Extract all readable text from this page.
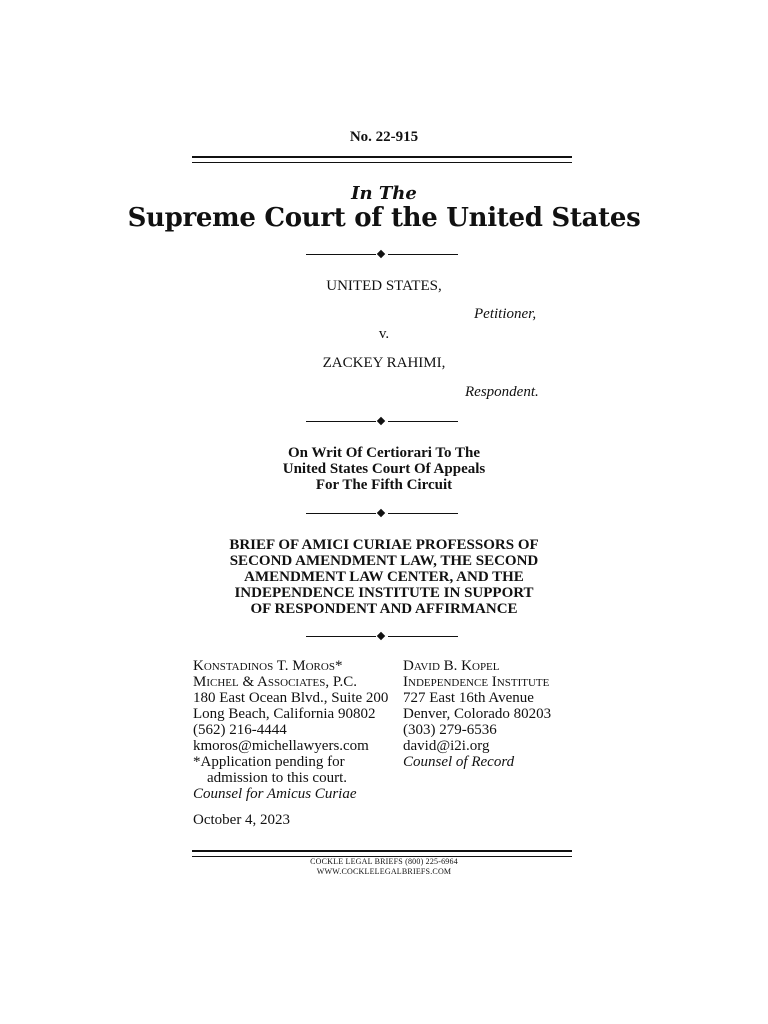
No. 22-915
In The
Supreme Court of the United States
UNITED STATES,
Petitioner,
v.
ZACKEY RAHIMI,
Respondent.
On Writ Of Certiorari To The
United States Court Of Appeals
For The Fifth Circuit
BRIEF OF AMICI CURIAE PROFESSORS OF
SECOND AMENDMENT LAW, THE SECOND
AMENDMENT LAW CENTER, AND THE
INDEPENDENCE INSTITUTE IN SUPPORT
OF RESPONDENT AND AFFIRMANCE
Konstadinos T. Moros*
Michel & Associates, P.C.
180 East Ocean Blvd., Suite 200
Long Beach, California 90802
(562) 216-4444
kmoros@michellawyers.com
*Application pending for
admission to this court.
Counsel for Amicus Curiae
David B. Kopel
Independence Institute
727 East 16th Avenue
Denver, Colorado 80203
(303) 279-6536
david@i2i.org
Counsel of Record
October 4, 2023
COCKLE LEGAL BRIEFS (800) 225-6964
WWW.COCKLELEGALBRIEFS.COM
